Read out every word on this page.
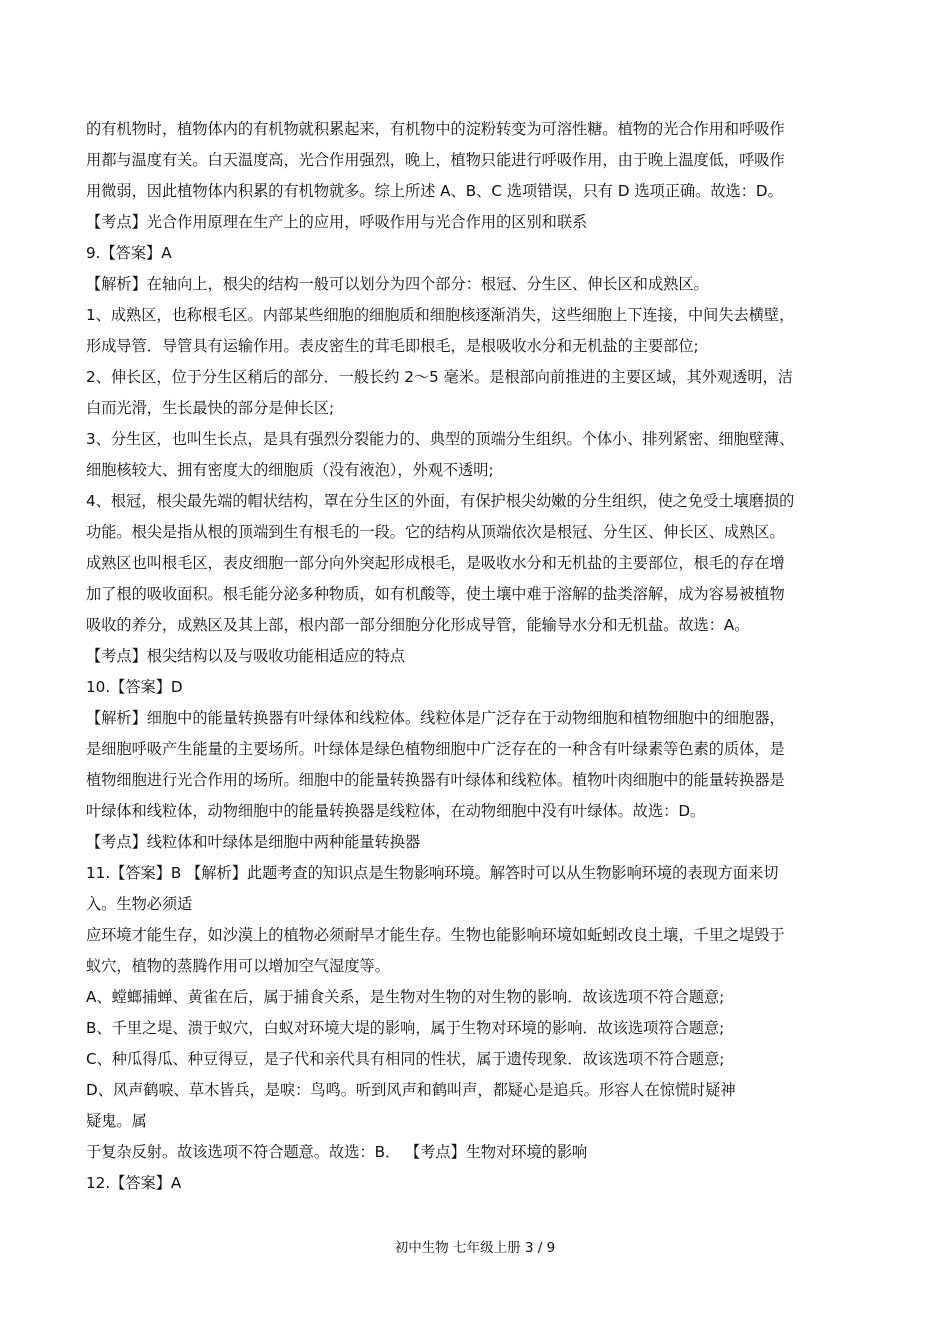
的有机物时，植物体内的有机物就积累起来，有机物中的淀粉转变为可溶性糖。植物的光合作用和呼吸作
用都与温度有关。白天温度高，光合作用强烈，晚上，植物只能进行呼吸作用，由于晚上温度低，呼吸作
用微弱，因此植物体内积累的有机物就多。综上所述 A、B、C 选项错误，只有 D 选项正确。故选：D。
【考点】光合作用原理在生产上的应用，呼吸作用与光合作用的区别和联系
9.【答案】A
【解析】在轴向上，根尖的结构一般可以划分为四个部分：根冠、分生区、伸长区和成熟区。
1、成熟区，也称根毛区。内部某些细胞的细胞质和细胞核逐渐消失，这些细胞上下连接，中间失去横壁，
形成导管．导管具有运输作用。表皮密生的茸毛即根毛，是根吸收水分和无机盐的主要部位;
2、伸长区，位于分生区稍后的部分．一般长约 2～5 毫米。是根部向前推进的主要区域，其外观透明，洁
白而光滑，生长最快的部分是伸长区;
3、分生区，也叫生长点，是具有强烈分裂能力的、典型的顶端分生组织。个体小、排列紧密、细胞壁薄、
细胞核较大、拥有密度大的细胞质（没有液泡），外观不透明;
4、根冠，根尖最先端的帽状结构，罩在分生区的外面，有保护根尖幼嫩的分生组织，使之免受土壤磨损的
功能。根尖是指从根的顶端到生有根毛的一段。它的结构从顶端依次是根冠、分生区、伸长区、成熟区。
成熟区也叫根毛区，表皮细胞一部分向外突起形成根毛，是吸收水分和无机盐的主要部位，根毛的存在增
加了根的吸收面积。根毛能分泌多种物质，如有机酸等，使土壤中难于溶解的盐类溶解，成为容易被植物
吸收的养分，成熟区及其上部，根内部一部分细胞分化形成导管，能输导水分和无机盐。故选：A。
【考点】根尖结构以及与吸收功能相适应的特点
10.【答案】D
【解析】细胞中的能量转换器有叶绿体和线粒体。线粒体是广泛存在于动物细胞和植物细胞中的细胞器，
是细胞呼吸产生能量的主要场所。叶绿体是绿色植物细胞中广泛存在的一种含有叶绿素等色素的质体，是
植物细胞进行光合作用的场所。细胞中的能量转换器有叶绿体和线粒体。植物叶肉细胞中的能量转换器是
叶绿体和线粒体，动物细胞中的能量转换器是线粒体，在动物细胞中没有叶绿体。故选：D。
【考点】线粒体和叶绿体是细胞中两种能量转换器
11.【答案】B 【解析】此题考查的知识点是生物影响环境。解答时可以从生物影响环境的表现方面来切
入。生物必须适
应环境才能生存，如沙漠上的植物必须耐旱才能生存。生物也能影响环境如蚯蚓改良土壤，千里之堤毁于
蚁穴，植物的蒸腾作用可以增加空气湿度等。
A、螳螂捕蝉、黄雀在后，属于捕食关系，是生物对生物的对生物的影响．故该选项不符合题意;
B、千里之堤、溃于蚁穴，白蚁对环境大堤的影响，属于生物对环境的影响．故该选项符合题意;
C、种瓜得瓜、种豆得豆，是子代和亲代具有相同的性状，属于遗传现象．故该选项不符合题意;
D、风声鹤唳、草木皆兵，是唳：鸟鸣。听到风声和鹤叫声，都疑心是追兵。形容人在惊慌时疑神
疑鬼。属
于复杂反射。故该选项不符合题意。故选：B． 【考点】生物对环境的影响
12.【答案】A
初中生物 七年级上册 3 / 9
